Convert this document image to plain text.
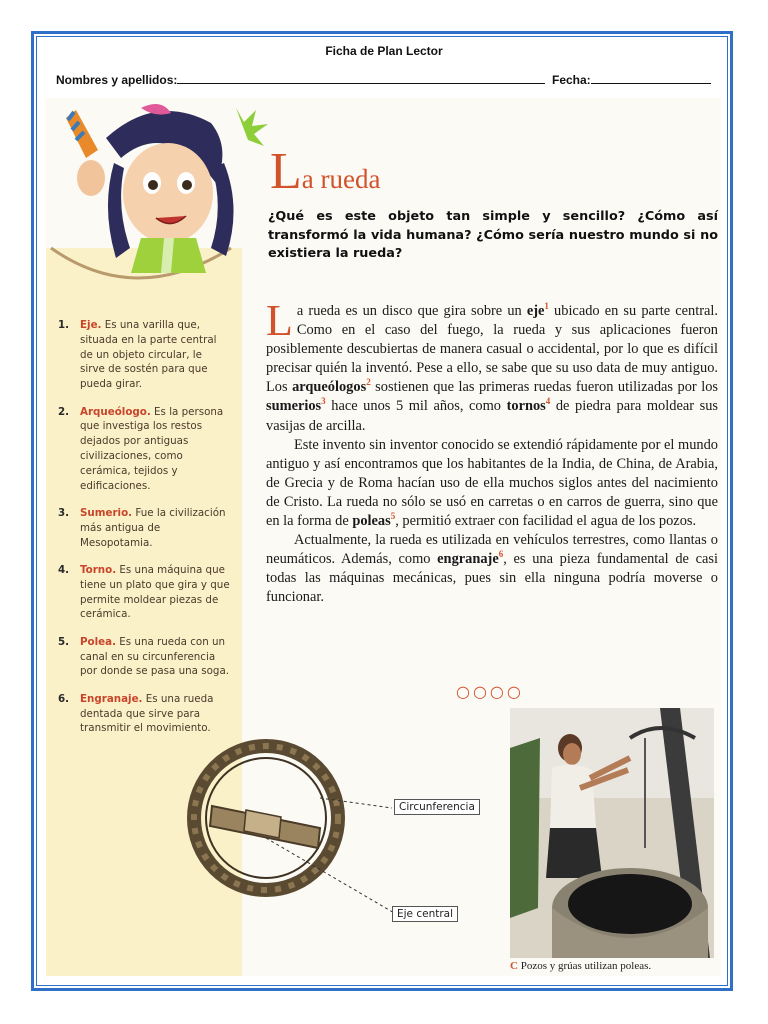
Ficha de Plan Lector
Nombres y apellidos:	Fecha:
La rueda
¿Qué es este objeto tan simple y sencillo? ¿Cómo así transformó la vida humana? ¿Cómo sería nuestro mundo si no existiera la rueda?

La rueda es un disco que gira sobre un eje$^1$ ubicado en su parte central. Como en el caso del fuego, la rueda y sus aplicaciones fueron posiblemente descubiertas de manera casual o accidental, por lo que es difícil precisar quién la inventó. Pese a ello, se sabe que su uso data de muy antiguo. Los arqueólogos$^2$ sostienen que las primeras ruedas fueron utilizadas por los sumerios$^3$ hace unos 5 mil años, como tornos$^4$ de piedra para moldear sus vasijas de arcilla.

Este invento sin inventor conocido se extendió rápidamente por el mundo antiguo y así encontramos que los habitantes de la India, de China, de Arabia, de Grecia y de Roma hacían uso de ella muchos siglos antes del nacimiento de Cristo. La rueda no sólo se usó en carretas o en carros de guerra, sino que en la forma de poleas$^5$, permitió extraer con facilidad el agua de los pozos.

Actualmente, la rueda es utilizada en vehículos terrestres, como llantas o neumáticos. Además, como engranaje$^6$, es una pieza fundamental de casi todas las máquinas mecánicas, pues sin ella ninguna podría moverse o funcionar.

○○○○
1.	Eje. Es una varilla que, situada en la parte central de un objeto circular, le sirve de sostén para que pueda girar.
2.	Arqueólogo. Es la persona que investiga los restos dejados por antiguas civilizaciones, como cerámica, tejidos y edificaciones.
3.	Sumerio. Fue la civilización más antigua de Mesopotamia.
4.	Torno. Es una máquina que tiene un plato que gira y que permite moldear piezas de cerámica.
5.	Polea. Es una rueda con un canal en su circunferencia por donde se pasa una soga.
6.	Engranaje. Es una rueda dentada que sirve para transmitir el movimiento.
Circunferencia
Eje central
C Pozos y grúas utilizan poleas.
